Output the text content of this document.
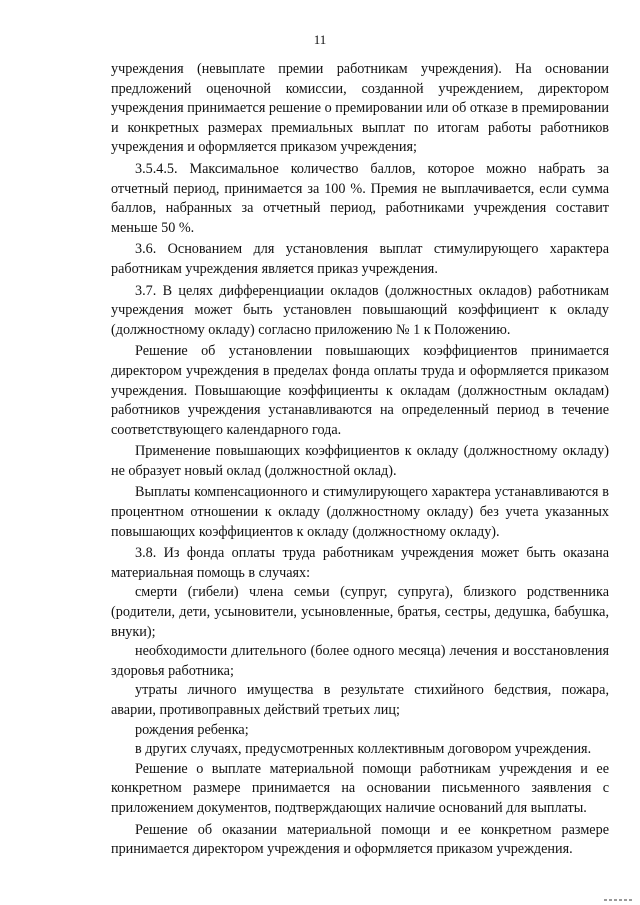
11

учреждения (невыплате премии работникам учреждения). На основании предложений оценочной комиссии, созданной учреждением, директором учреждения принимается решение о премировании или об отказе в премировании и конкретных размерах премиальных выплат по итогам работы работников учреждения и оформляется приказом учреждения;

3.5.4.5. Максимальное количество баллов, которое можно набрать за отчетный период, принимается за 100 %. Премия не выплачивается, если сумма баллов, набранных за отчетный период, работниками учреждения составит меньше 50 %.

3.6. Основанием для установления выплат стимулирующего характера работникам учреждения является приказ учреждения.

3.7. В целях дифференциации окладов (должностных окладов) работникам учреждения может быть установлен повышающий коэффициент к окладу (должностному окладу) согласно приложению № 1 к Положению.

Решение об установлении повышающих коэффициентов принимается директором учреждения в пределах фонда оплаты труда и оформляется приказом учреждения. Повышающие коэффициенты к окладам (должностным окладам) работников учреждения устанавливаются на определенный период в течение соответствующего календарного года.

Применение повышающих коэффициентов к окладу (должностному окладу) не образует новый оклад (должностной оклад).

Выплаты компенсационного и стимулирующего характера устанавливаются в процентном отношении к окладу (должностному окладу) без учета указанных повышающих коэффициентов к окладу (должностному окладу).

3.8. Из фонда оплаты труда работникам учреждения может быть оказана материальная помощь в случаях:

смерти (гибели) члена семьи (супруг, супруга), близкого родственника (родители, дети, усыновители, усыновленные, братья, сестры, дедушка, бабушка, внуки);

необходимости длительного (более одного месяца) лечения и восстановления здоровья работника;

утраты личного имущества в результате стихийного бедствия, пожара, аварии, противоправных действий третьих лиц;

рождения ребенка;

в других случаях, предусмотренных коллективным договором учреждения.

Решение о выплате материальной помощи работникам учреждения и ее конкретном размере принимается на основании письменного заявления с приложением документов, подтверждающих наличие оснований для выплаты.

Решение об оказании материальной помощи и ее конкретном размере принимается директором учреждения и оформляется приказом учреждения.
